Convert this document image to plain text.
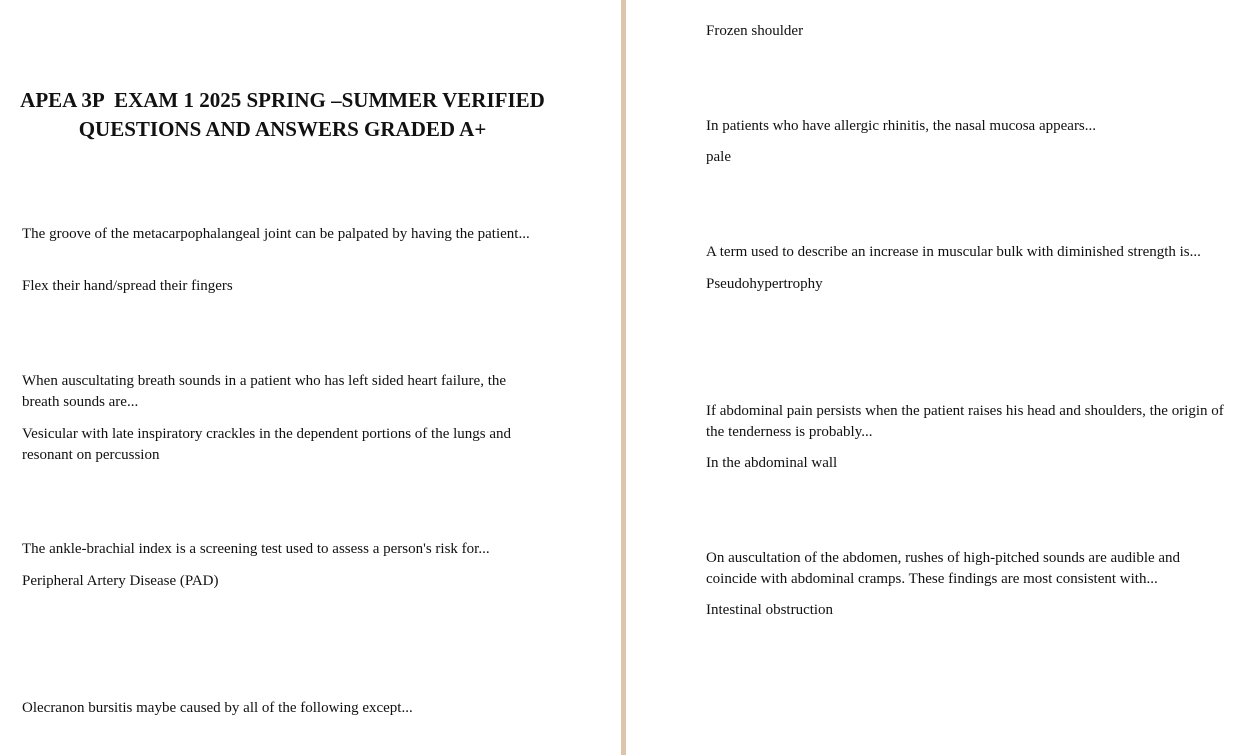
APEA 3P  EXAM 1 2025 SPRING –SUMMER VERIFIED QUESTIONS AND ANSWERS GRADED A+

The groove of the metacarpophalangeal joint can be palpated by having the patient...

Flex their hand/spread their fingers

When auscultating breath sounds in a patient who has left sided heart failure, the breath sounds are...

Vesicular with late inspiratory crackles in the dependent portions of the lungs and resonant on percussion

The ankle-brachial index is a screening test used to assess a person's risk for...

Peripheral Artery Disease (PAD)

Olecranon bursitis maybe caused by all of the following except...

Frozen shoulder

In patients who have allergic rhinitis, the nasal mucosa appears...

pale

A term used to describe an increase in muscular bulk with diminished strength is...

Pseudohypertrophy

If abdominal pain persists when the patient raises his head and shoulders, the origin of the tenderness is probably...

In the abdominal wall

On auscultation of the abdomen, rushes of high-pitched sounds are audible and coincide with abdominal cramps. These findings are most consistent with...

Intestinal obstruction
